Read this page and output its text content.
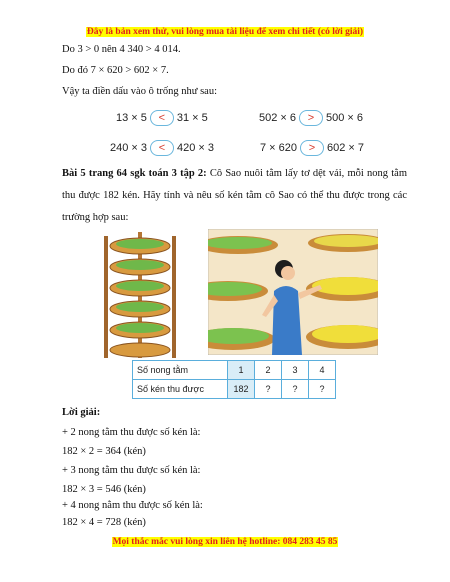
Đây là bản xem thử, vui lòng mua tài liệu để xem chi tiết (có lời giải)
Do 3 > 0 nên 4 340 > 4 014.
Do đó 7 × 620 > 602 × 7.
Vậy ta điền dấu vào ô trống như sau:
13 × 5 < 31 × 5	502 × 6 > 500 × 6
240 × 3 < 420 × 3	7 × 620 > 602 × 7
Bài 5 trang 64 sgk toán 3 tập 2: Cô Sao nuôi tằm lấy tơ dệt vải, mỗi nong tằm thu được 182 kén. Hãy tính và nêu số kén tằm cô Sao có thể thu được trong các trường hợp sau:
Số nong tằm	1	2	3	4
Số kén thu được	182	?	?	?
Lời giải:
+ 2 nong tằm thu được số kén là:
182 × 2 = 364 (kén)
+ 3 nong tằm thu được số kén là:
182 × 3 = 546 (kén)
+ 4 nong nằm thu được số kén là:
182 × 4 = 728 (kén)
Mọi thắc mắc vui lòng xin liên hệ hotline: 084 283 45 85
